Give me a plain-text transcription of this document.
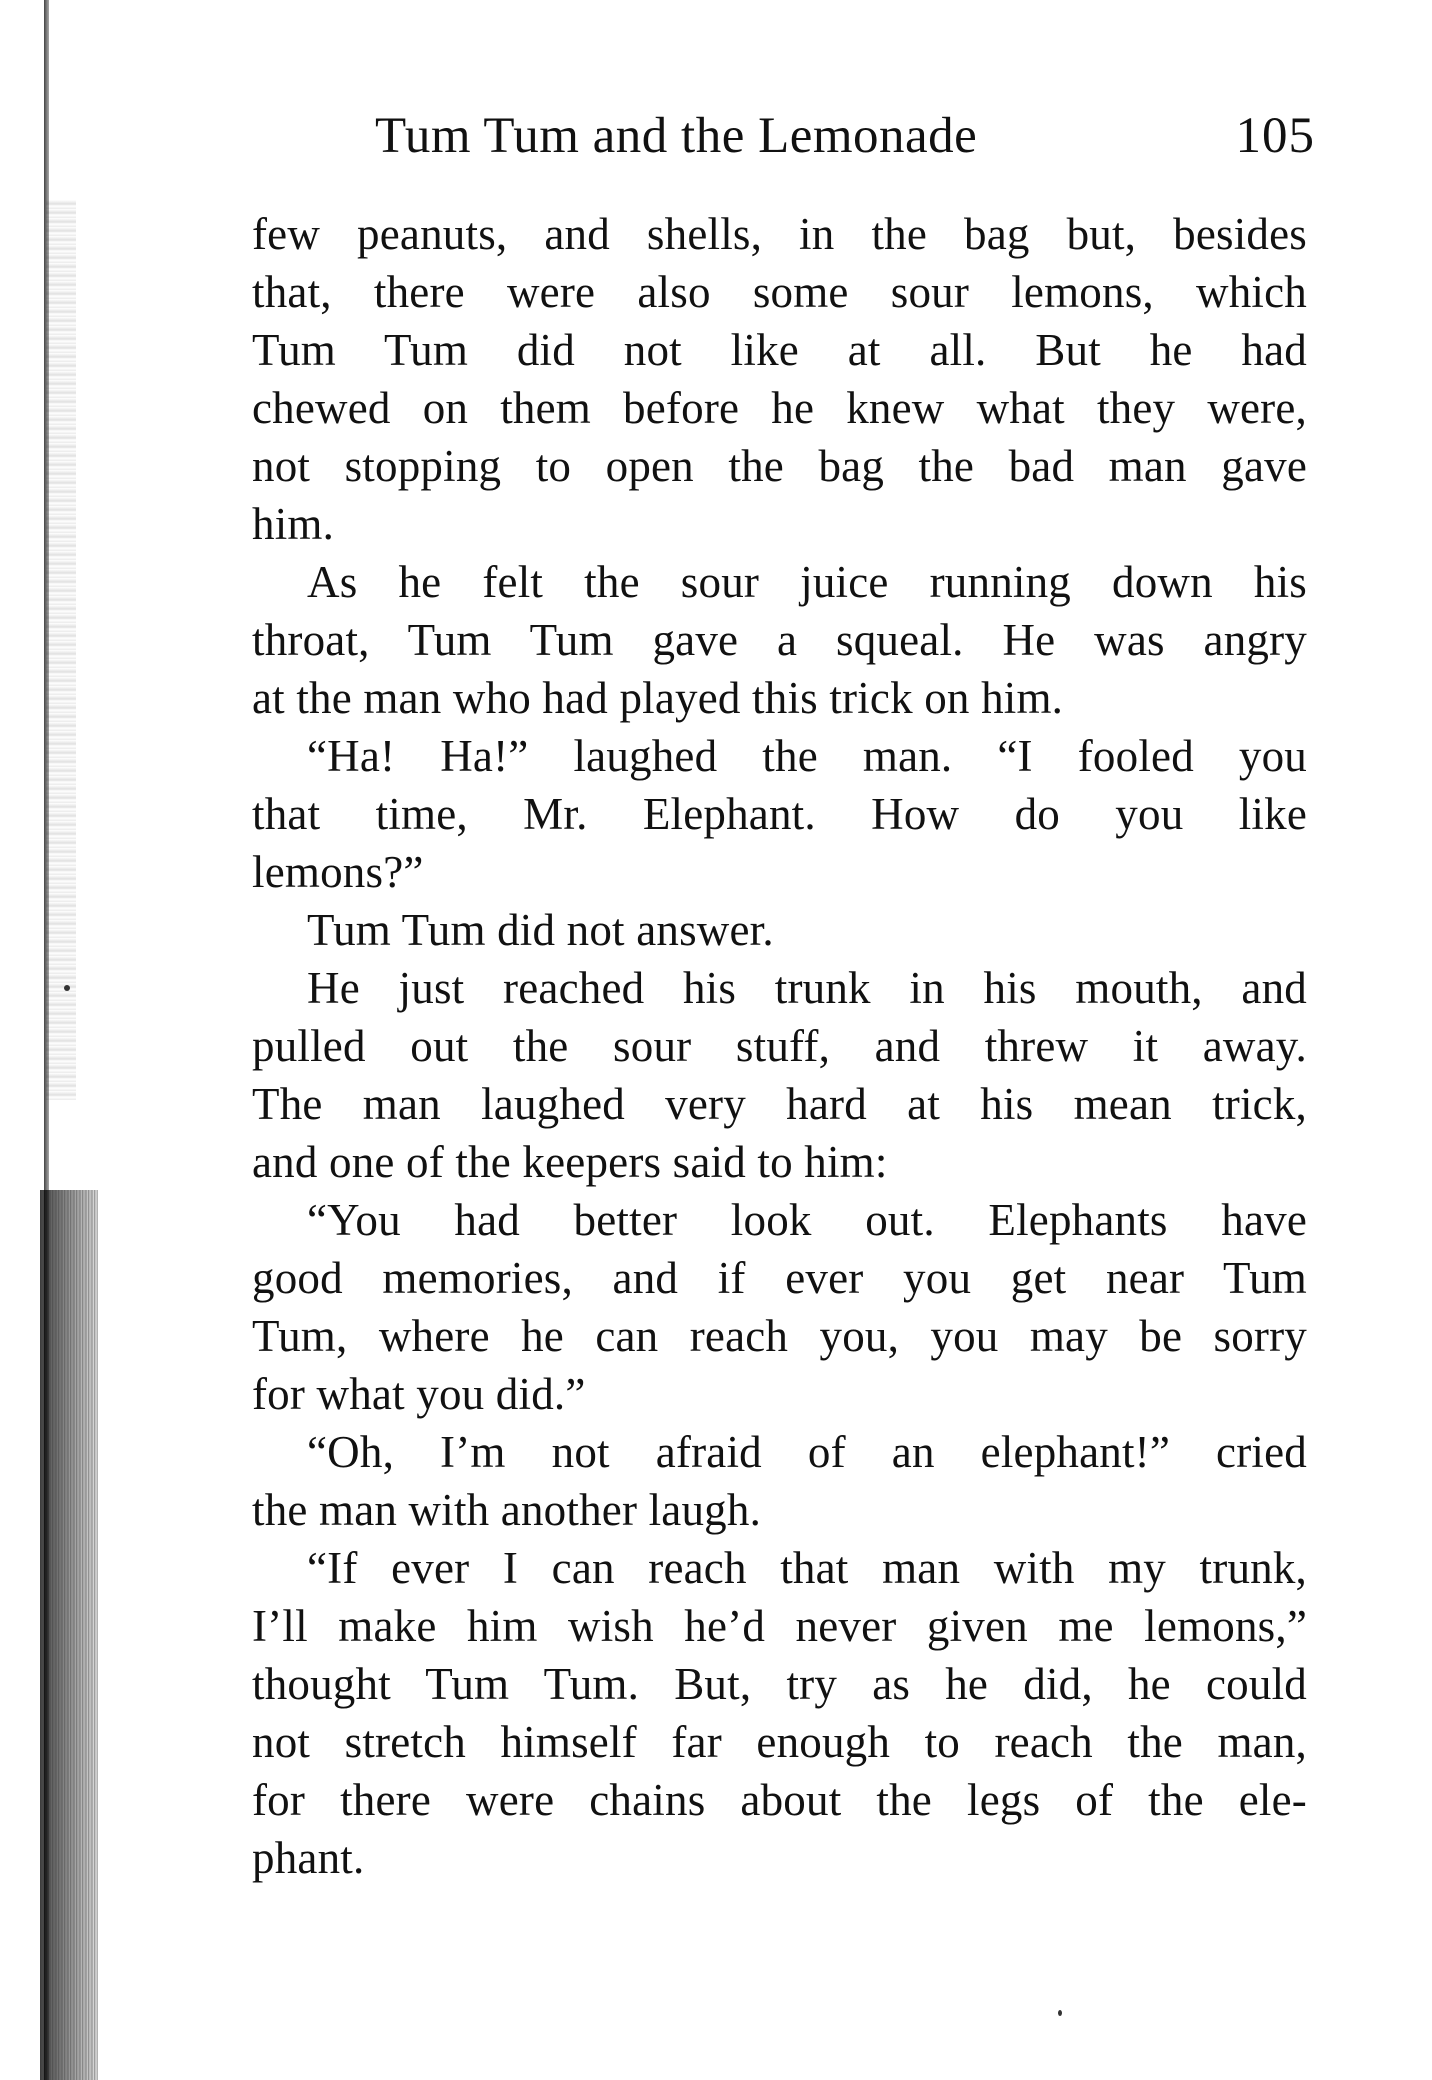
Tum Tum and the Lemonade	105
few peanuts, and shells, in the bag but, besides
that, there were also some sour lemons, which
Tum Tum did not like at all. But he had
chewed on them before he knew what they were,
not stopping to open the bag the bad man gave
him.
As he felt the sour juice running down his
throat, Tum Tum gave a squeal. He was angry
at the man who had played this trick on him.
“Ha! Ha!” laughed the man. “I fooled you
that time, Mr. Elephant. How do you like
lemons?”
Tum Tum did not answer.
He just reached his trunk in his mouth, and
pulled out the sour stuff, and threw it away.
The man laughed very hard at his mean trick,
and one of the keepers said to him:
“You had better look out. Elephants have
good memories, and if ever you get near Tum
Tum, where he can reach you, you may be sorry
for what you did.”
“Oh, I’m not afraid of an elephant!” cried
the man with another laugh.
“If ever I can reach that man with my trunk,
I’ll make him wish he’d never given me lemons,”
thought Tum Tum. But, try as he did, he could
not stretch himself far enough to reach the man,
for there were chains about the legs of the ele-
phant.
